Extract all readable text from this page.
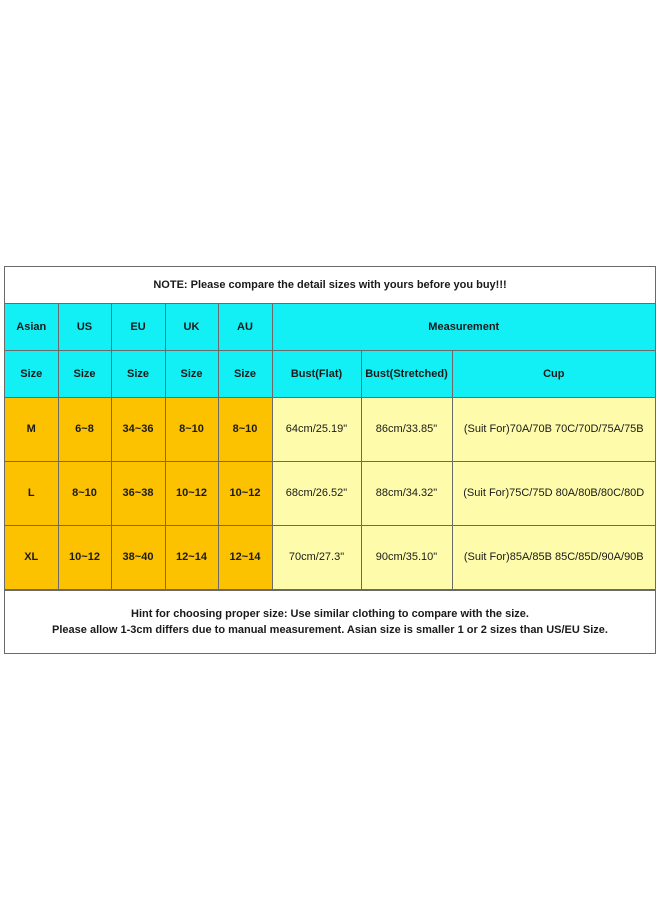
NOTE: Please compare the detail sizes with yours before you buy!!!
Asian	US	EU	UK	AU	Measurement		
Size	Size	Size	Size	Size	Bust(Flat)	Bust(Stretched)	Cup
M	6~8	34~36	8~10	8~10	64cm/25.19"	86cm/33.85"	(Suit For)70A/70B 70C/70D/75A/75B
L	8~10	36~38	10~12	10~12	68cm/26.52"	88cm/34.32"	(Suit For)75C/75D 80A/80B/80C/80D
XL	10~12	38~40	12~14	12~14	70cm/27.3"	90cm/35.10"	(Suit For)85A/85B 85C/85D/90A/90B
Hint for choosing proper size: Use similar clothing to compare with the size.
Please allow 1-3cm differs due to manual measurement. Asian size is smaller 1 or 2 sizes than US/EU Size.
